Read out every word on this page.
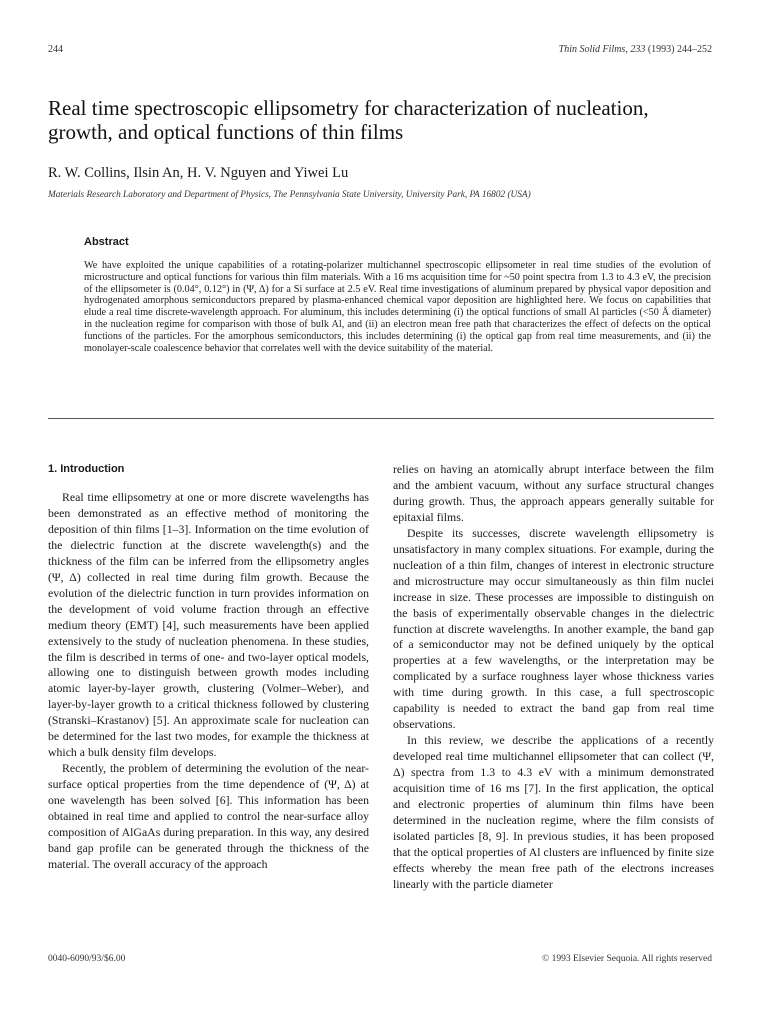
244	Thin Solid Films, 233 (1993) 244–252
Real time spectroscopic ellipsometry for characterization of nucleation, growth, and optical functions of thin films
R. W. Collins, Ilsin An, H. V. Nguyen and Yiwei Lu
Materials Research Laboratory and Department of Physics, The Pennsylvania State University, University Park, PA 16802 (USA)
Abstract

We have exploited the unique capabilities of a rotating-polarizer multichannel spectroscopic ellipsometer in real time studies of the evolution of microstructure and optical functions for various thin film materials. With a 16 ms acquisition time for ~50 point spectra from 1.3 to 4.3 eV, the precision of the ellipsometer is (0.04°, 0.12°) in (Ψ, Δ) for a Si surface at 2.5 eV. Real time investigations of aluminum prepared by physical vapor deposition and hydrogenated amorphous semiconductors prepared by plasma-enhanced chemical vapor deposition are highlighted here. We focus on capabilities that elude a real time discrete-wavelength approach. For aluminum, this includes determining (i) the optical functions of small Al particles (<50 Å diameter) in the nucleation regime for comparison with those of bulk Al, and (ii) an electron mean free path that characterizes the effect of defects on the optical functions of the particles. For the amorphous semiconductors, this includes determining (i) the optical gap from real time measurements, and (ii) the monolayer-scale coalescence behavior that correlates well with the device suitability of the material.

1. Introduction

Real time ellipsometry at one or more discrete wavelengths has been demonstrated as an effective method of monitoring the deposition of thin films [1–3]. Information on the time evolution of the dielectric function at the discrete wavelength(s) and the thickness of the film can be inferred from the ellipsometry angles (Ψ, Δ) collected in real time during film growth. Because the evolution of the dielectric function in turn provides information on the development of void volume fraction through an effective medium theory (EMT) [4], such measurements have been applied extensively to the study of nucleation phenomena. In these studies, the film is described in terms of one- and two-layer optical models, allowing one to distinguish between growth modes including atomic layer-by-layer growth, clustering (Volmer–Weber), and layer-by-layer growth to a critical thickness followed by clustering (Stranski–Krastanov) [5]. An approximate scale for nucleation can be determined for the last two modes, for example the thickness at which a bulk density film develops.

Recently, the problem of determining the evolution of the near-surface optical properties from the time dependence of (Ψ, Δ) at one wavelength has been solved [6]. This information has been obtained in real time and applied to control the near-surface alloy composition of AlGaAs during preparation. In this way, any desired band gap profile can be generated through the thickness of the material. The overall accuracy of the approach

relies on having an atomically abrupt interface between the film and the ambient vacuum, without any surface structural changes during growth. Thus, the approach appears generally suitable for epitaxial films.

Despite its successes, discrete wavelength ellipsometry is unsatisfactory in many complex situations. For example, during the nucleation of a thin film, changes of interest in electronic structure and microstructure may occur simultaneously as thin film nuclei increase in size. These processes are impossible to distinguish on the basis of experimentally observable changes in the dielectric function at discrete wavelengths. In another example, the band gap of a semiconductor may not be defined uniquely by the optical properties at a few wavelengths, or the interpretation may be complicated by a surface roughness layer whose thickness varies with time during growth. In this case, a full spectroscopic capability is needed to extract the band gap from real time observations.

In this review, we describe the applications of a recently developed real time multichannel ellipsometer that can collect (Ψ, Δ) spectra from 1.3 to 4.3 eV with a minimum demonstrated acquisition time of 16 ms [7]. In the first application, the optical and electronic properties of aluminum thin films have been determined in the nucleation regime, where the film consists of isolated particles [8, 9]. In previous studies, it has been proposed that the optical properties of Al clusters are influenced by finite size effects whereby the mean free path of the electrons increases linearly with the particle diameter

0040-6090/93/$6.00	© 1993 Elsevier Sequoia. All rights reserved
